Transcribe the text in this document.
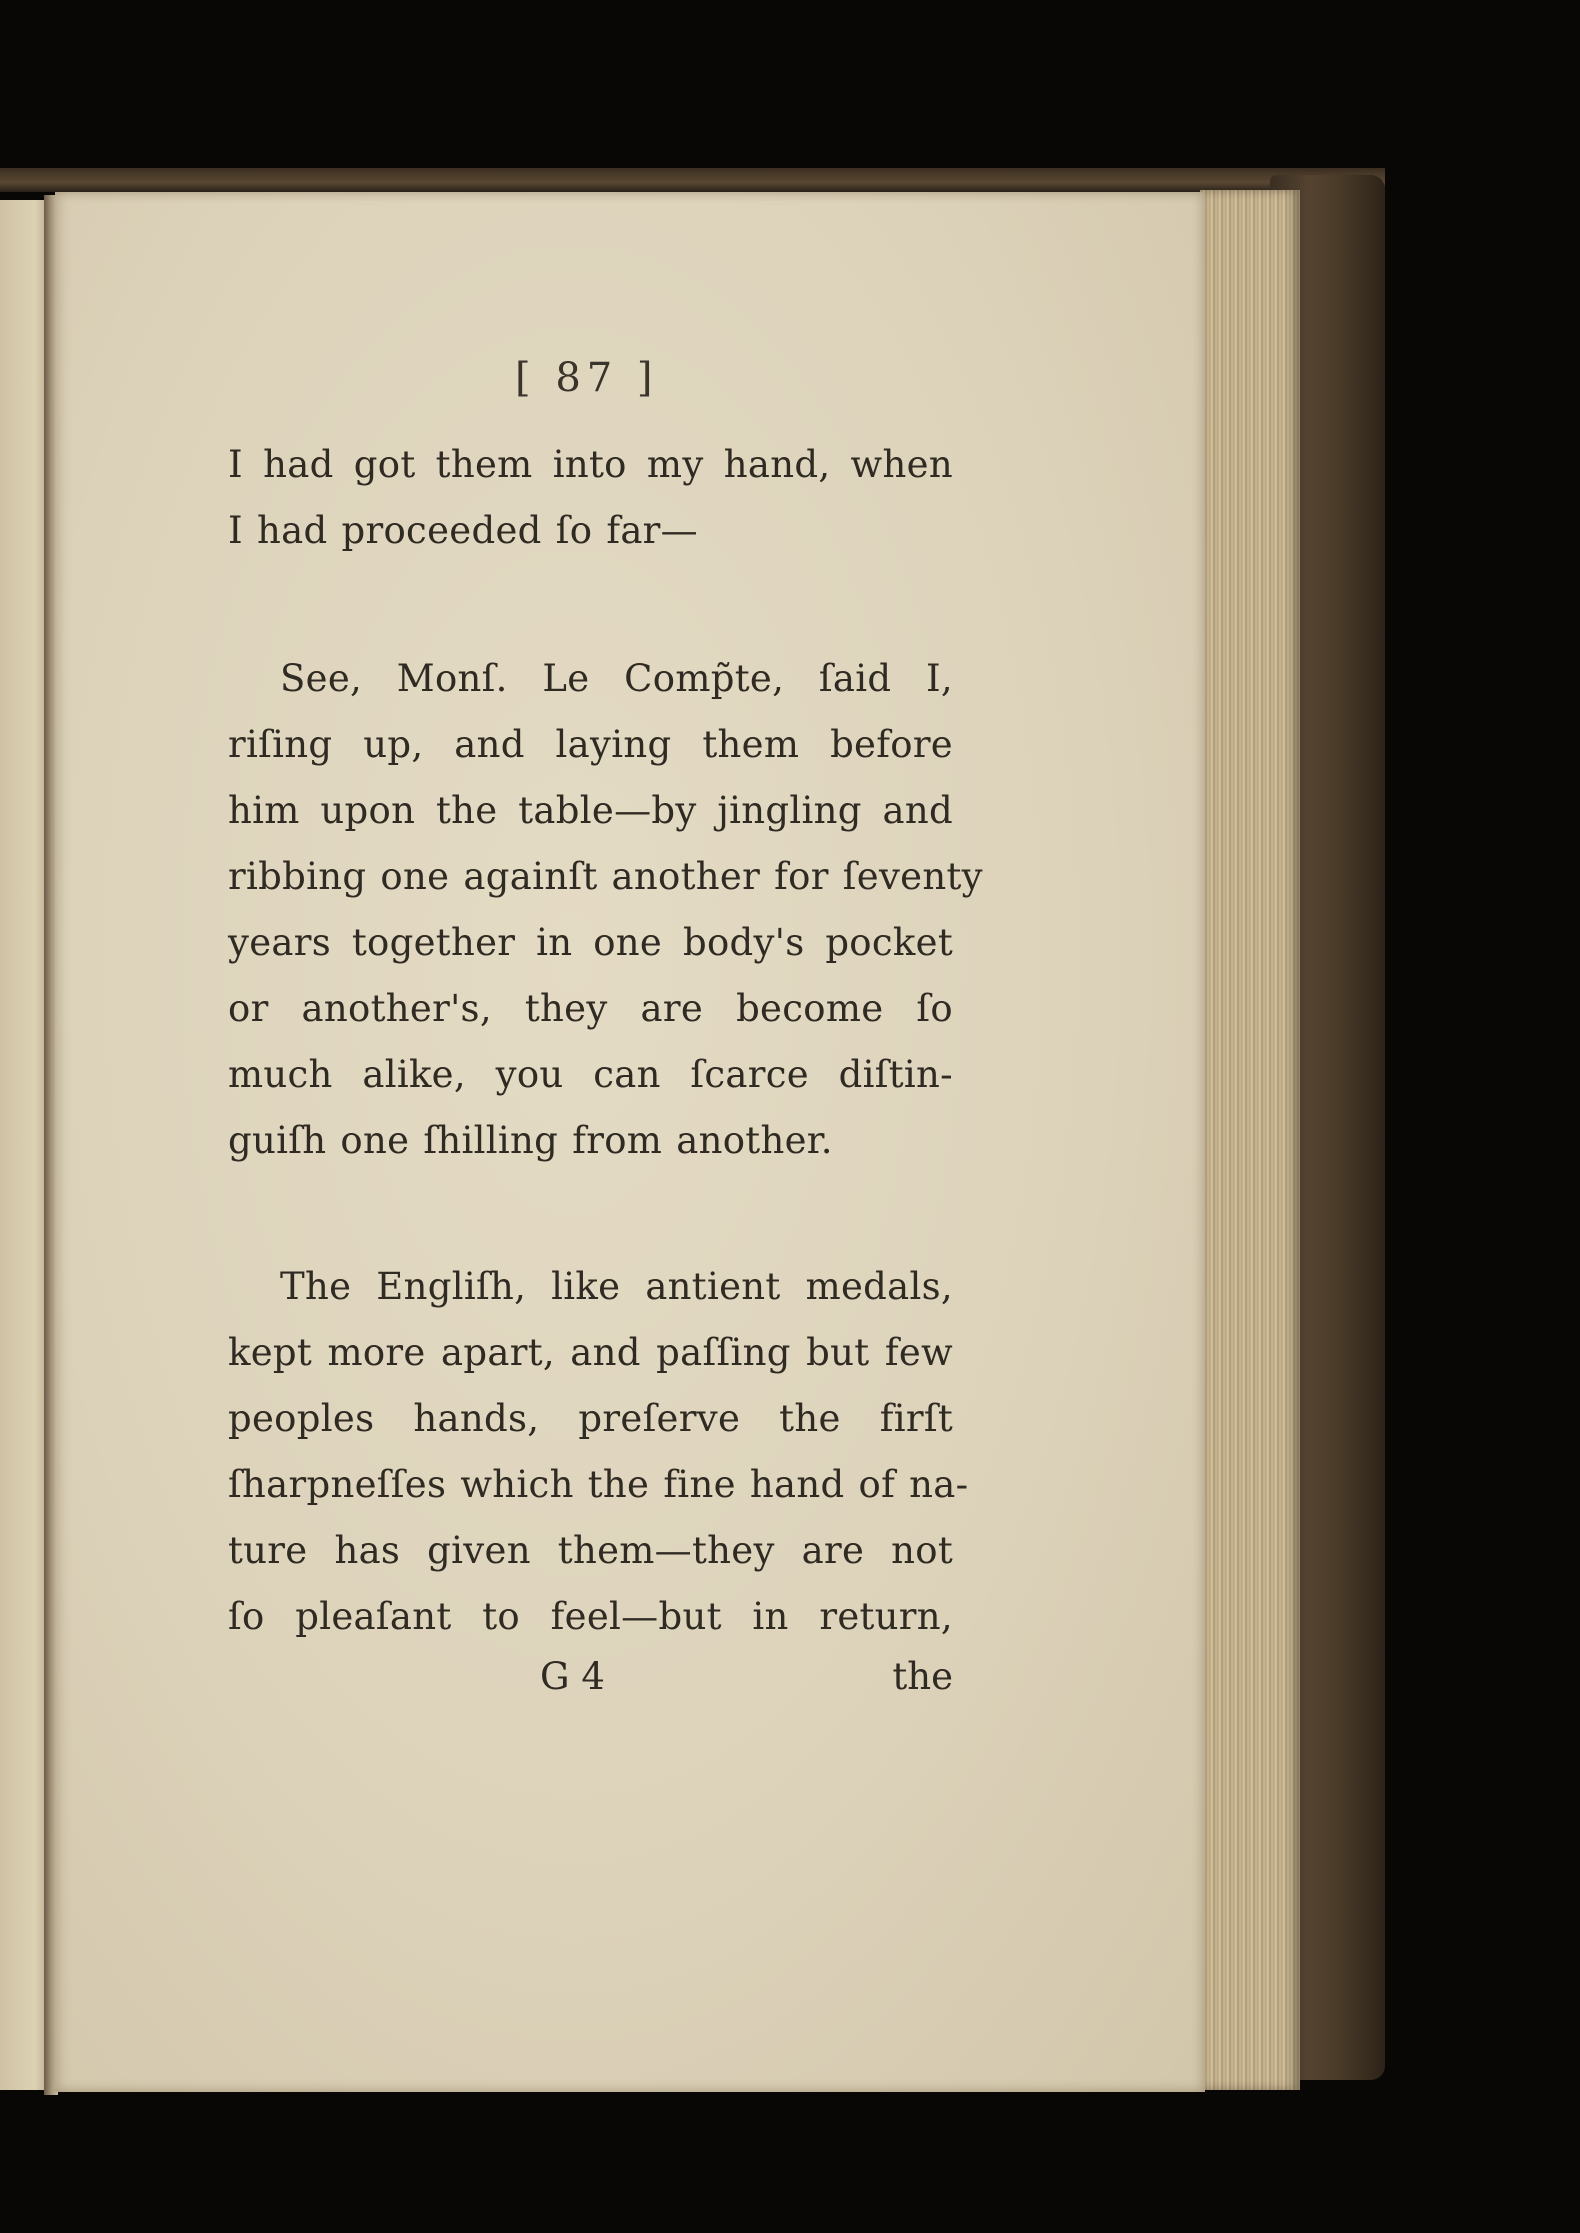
[ 87 ]
I had got them into my hand, when
I had proceeded ſo far—
See, Monſ. Le Comp̃te, ſaid I,
riſing up, and laying them before
him upon the table—by jingling and
ribbing one againſt another for ſeventy
years together in one body's pocket
or another's, they are become ſo
much alike, you can ſcarce diſtin-
guiſh one ſhilling from another.
The Engliſh, like antient medals,
kept more apart, and paſſing but few
peoples hands, preſerve the firſt
ſharpneſſes which the fine hand of na-
ture has given them—they are not
ſo pleaſant to feel—but in return,
G 4	the
